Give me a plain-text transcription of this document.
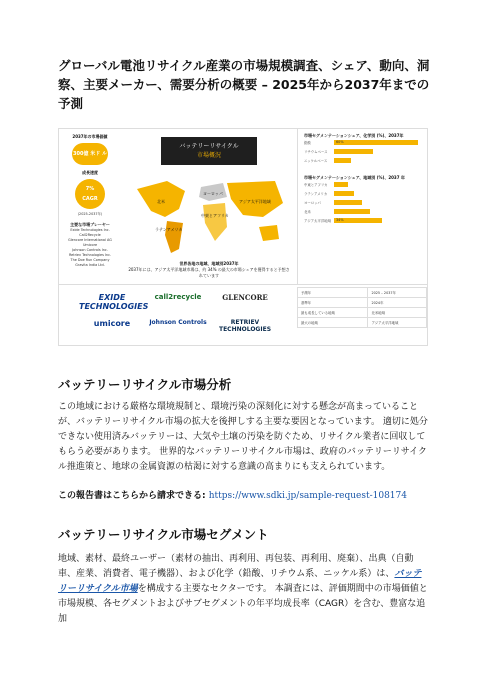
グローバル電池リサイクル産業の市場規模調査、シェア、動向、洞察、主要メーカー、需要分析の概要 – 2025年から2037年までの予測
2037年の市場価値
300億 米ド ル
成長速度
7%
CAGR
(2025-2037年)
主要な市場プレーヤー
Exide Technologies Inc.
Call2Recycle
Glencore International AG
Umicore
Johnson Controls Inc.
Retriev Technologies Inc.
The Doe Run Company
Gravita India Ltd.
バッテリーリサイクル
市場概況
北米
ヨーロッパ
アジア太平洋地域
中東とアフリカ
ラテンアメリカ
世界各地の地域、地域別2037年
2037年には、アジア太平洋地域市場は、約 34% の最大の市場シェアを獲得すると予想されています
市場セグメンテーションシェア、化学別 (%)、2037年
鉛酸	60%
リチウムベース
ニッケルベース
市場セグメンテーションシェア、地域別 (%)、2037 年
中東とアフリカ
ラテンアメリカ
ヨーロッパ
北米
アジア太平洋地域	34%
EXIDE TECHNOLOGIES
call2recycle	GLENCORE
umicore	Johnson Controls	RETRIEV TECHNOLOGIES
予測年	2025 – 2037年
基準年	2024年
最も成長している地域	北米地域
最大の地域	アジア太平洋地域
バッテリーリサイクル市場分析

この地域における厳格な環境規制と、環境汚染の深刻化に対する懸念が高まっていることが、バッテリーリサイクル市場の拡大を後押しする主要な要因となっています。 適切に処分できない使用済みバッテリーは、大気や土壌の汚染を防ぐため、リサイクル業者に回収してもらう必要があります。 世界的なバッテリーリサイクル市場は、政府のバッテリーリサイクル推進策と、地球の金属資源の枯渇に対する意識の高まりにも支えられています。

この報告書はこちらから請求できる: https://www.sdki.jp/sample-request-108174
バッテリーリサイクル市場セグメント

地域、素材、最終ユーザー（素材の抽出、再利用、再包装、再利用、廃棄）、出典（自動車、産業、消費者、電子機器）、および化学（鉛酸、リチウム系、ニッケル系）は、バッテリーリサイクル市場を構成する主要なセクターです。 本調査には、評価期間中の市場価値と市場規模、各セグメントおよびサブセグメントの年平均成長率（CAGR）を含む、豊富な追加
